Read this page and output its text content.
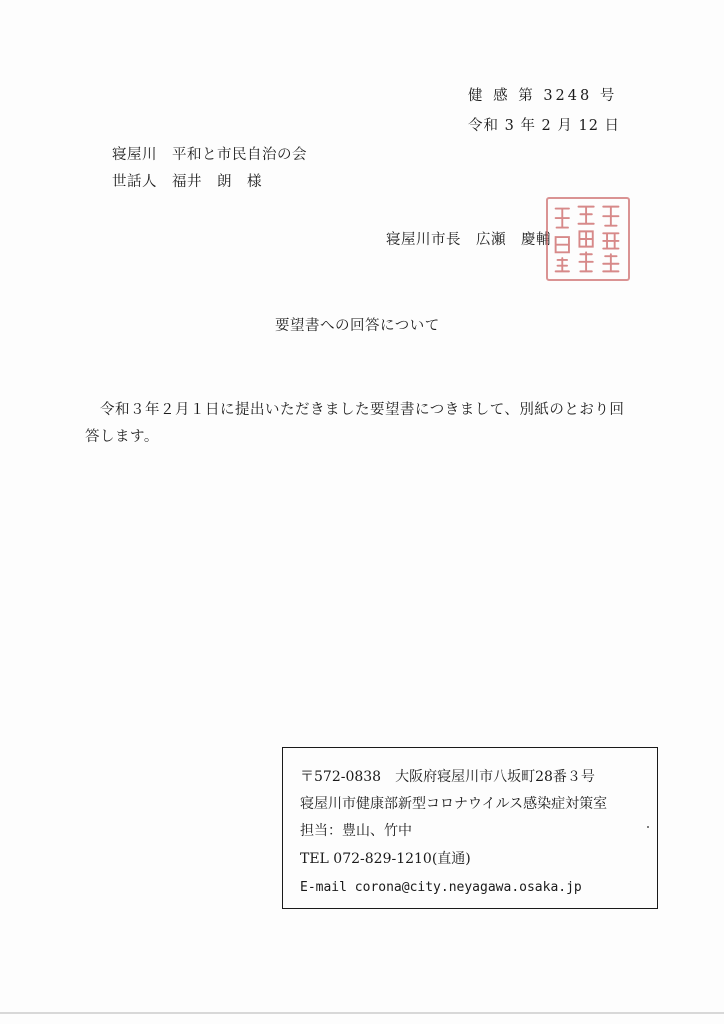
健 感 第 3248 号
令和 3 年 2 月 12 日
寝屋川　平和と市民自治の会
世話人　福井　朗　様
寝屋川市長　広瀬　慶輔
要望書への回答について
令和３年２月１日に提出いただきました要望書につきまして、別紙のとおり回
答します。
〒572-0838　大阪府寝屋川市八坂町28番３号
寝屋川市健康部新型コロナウイルス感染症対策室
担当：豊山、竹中
TEL 072-829-1210(直通)
E-mail corona@city.neyagawa.osaka.jp
